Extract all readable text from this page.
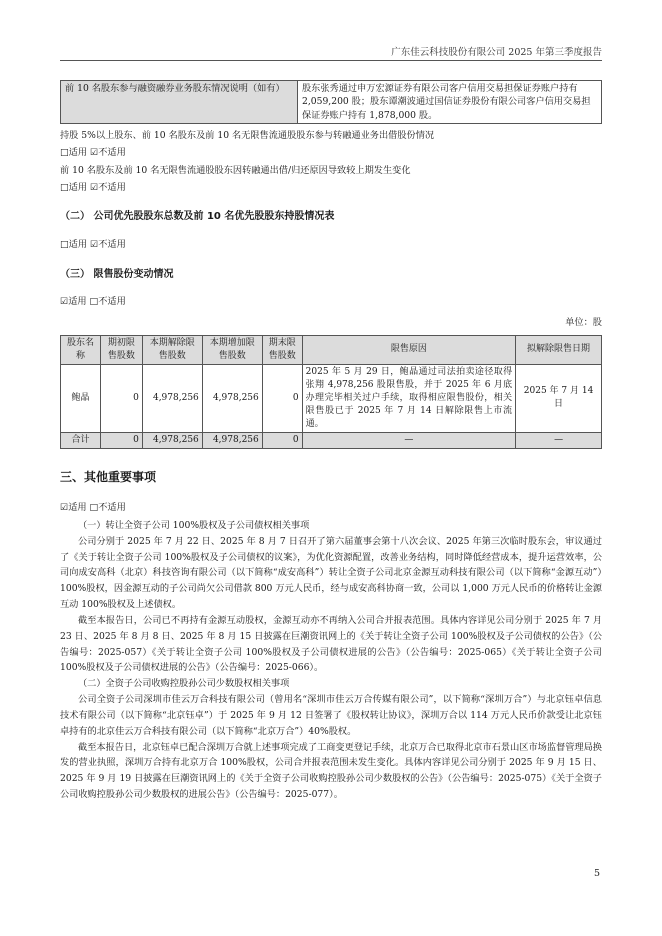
广东佳云科技股份有限公司 2025 年第三季度报告
前 10 名股东参与融资融券业务股东情况说明（如有）	股东张秀通过申万宏源证券有限公司客户信用交易担保证券账户持有 2,059,200 股；股东谭潮波通过国信证券股份有限公司客户信用交易担保证券账户持有 1,878,000 股。

持股 5%以上股东、前 10 名股东及前 10 名无限售流通股股东参与转融通业务出借股份情况

□适用 ☑不适用

前 10 名股东及前 10 名无限售流通股股东因转融通出借/归还原因导致较上期发生变化

□适用 ☑不适用

（二） 公司优先股股东总数及前 10 名优先股股东持股情况表

□适用 ☑不适用

（三） 限售股份变动情况

☑适用 □不适用

单位：股

股东名称	期初限售股数	本期解除限售股数	本期增加限售股数	期末限售股数	限售原因	拟解除限售日期
鲍晶	0	4,978,256	4,978,256	0	2025 年 5 月 29 日，鲍晶通过司法拍卖途径取得张翔 4,978,256 股限售股，并于 2025 年 6 月底办理完毕相关过户手续，取得相应限售股份，相关限售股已于 2025 年 7 月 14 日解除限售上市流通。	2025 年 7 月 14 日
合计	0	4,978,256	4,978,256	0	—	—

三、其他重要事项

☑适用 □不适用

（一）转让全资子公司 100%股权及子公司债权相关事项

公司分别于 2025 年 7 月 22 日、2025 年 8 月 7 日召开了第六届董事会第十八次会议、2025 年第三次临时股东会，审议通过了《关于转让全资子公司 100%股权及子公司债权的议案》，为优化资源配置，改善业务结构，同时降低经营成本，提升运营效率，公司向成安高科（北京）科技咨询有限公司（以下简称“成安高科”）转让全资子公司北京金源互动科技有限公司（以下简称“金源互动”）100%股权，因金源互动的子公司尚欠公司借款 800 万元人民币，经与成安高科协商一致，公司以 1,000 万元人民币的价格转让金源互动 100%股权及上述债权。

截至本报告日，公司已不再持有金源互动股权，金源互动亦不再纳入公司合并报表范围。具体内容详见公司分别于 2025 年 7 月 23 日、2025 年 8 月 8 日、2025 年 8 月 15 日披露在巨潮资讯网上的《关于转让全资子公司 100%股权及子公司债权的公告》（公告编号：2025-057）《关于转让全资子公司 100%股权及子公司债权进展的公告》（公告编号：2025-065）《关于转让全资子公司 100%股权及子公司债权进展的公告》（公告编号：2025-066）。

（二）全资子公司收购控股孙公司少数股权相关事项

公司全资子公司深圳市佳云万合科技有限公司（曾用名“深圳市佳云万合传媒有限公司”，以下简称“深圳万合”）与北京钰卓信息技术有限公司（以下简称“北京钰卓”）于 2025 年 9 月 12 日签署了《股权转让协议》，深圳万合以 114 万元人民币价款受让北京钰卓持有的北京佳云万合科技有限公司（以下简称“北京万合”）40%股权。

截至本报告日，北京钰卓已配合深圳万合就上述事项完成了工商变更登记手续，北京万合已取得北京市石景山区市场监督管理局换发的营业执照，深圳万合持有北京万合 100%股权，公司合并报表范围未发生变化。具体内容详见公司分别于 2025 年 9 月 15 日、2025 年 9 月 19 日披露在巨潮资讯网上的《关于全资子公司收购控股孙公司少数股权的公告》（公告编号：2025-075）《关于全资子公司收购控股孙公司少数股权的进展公告》（公告编号：2025-077）。

5
